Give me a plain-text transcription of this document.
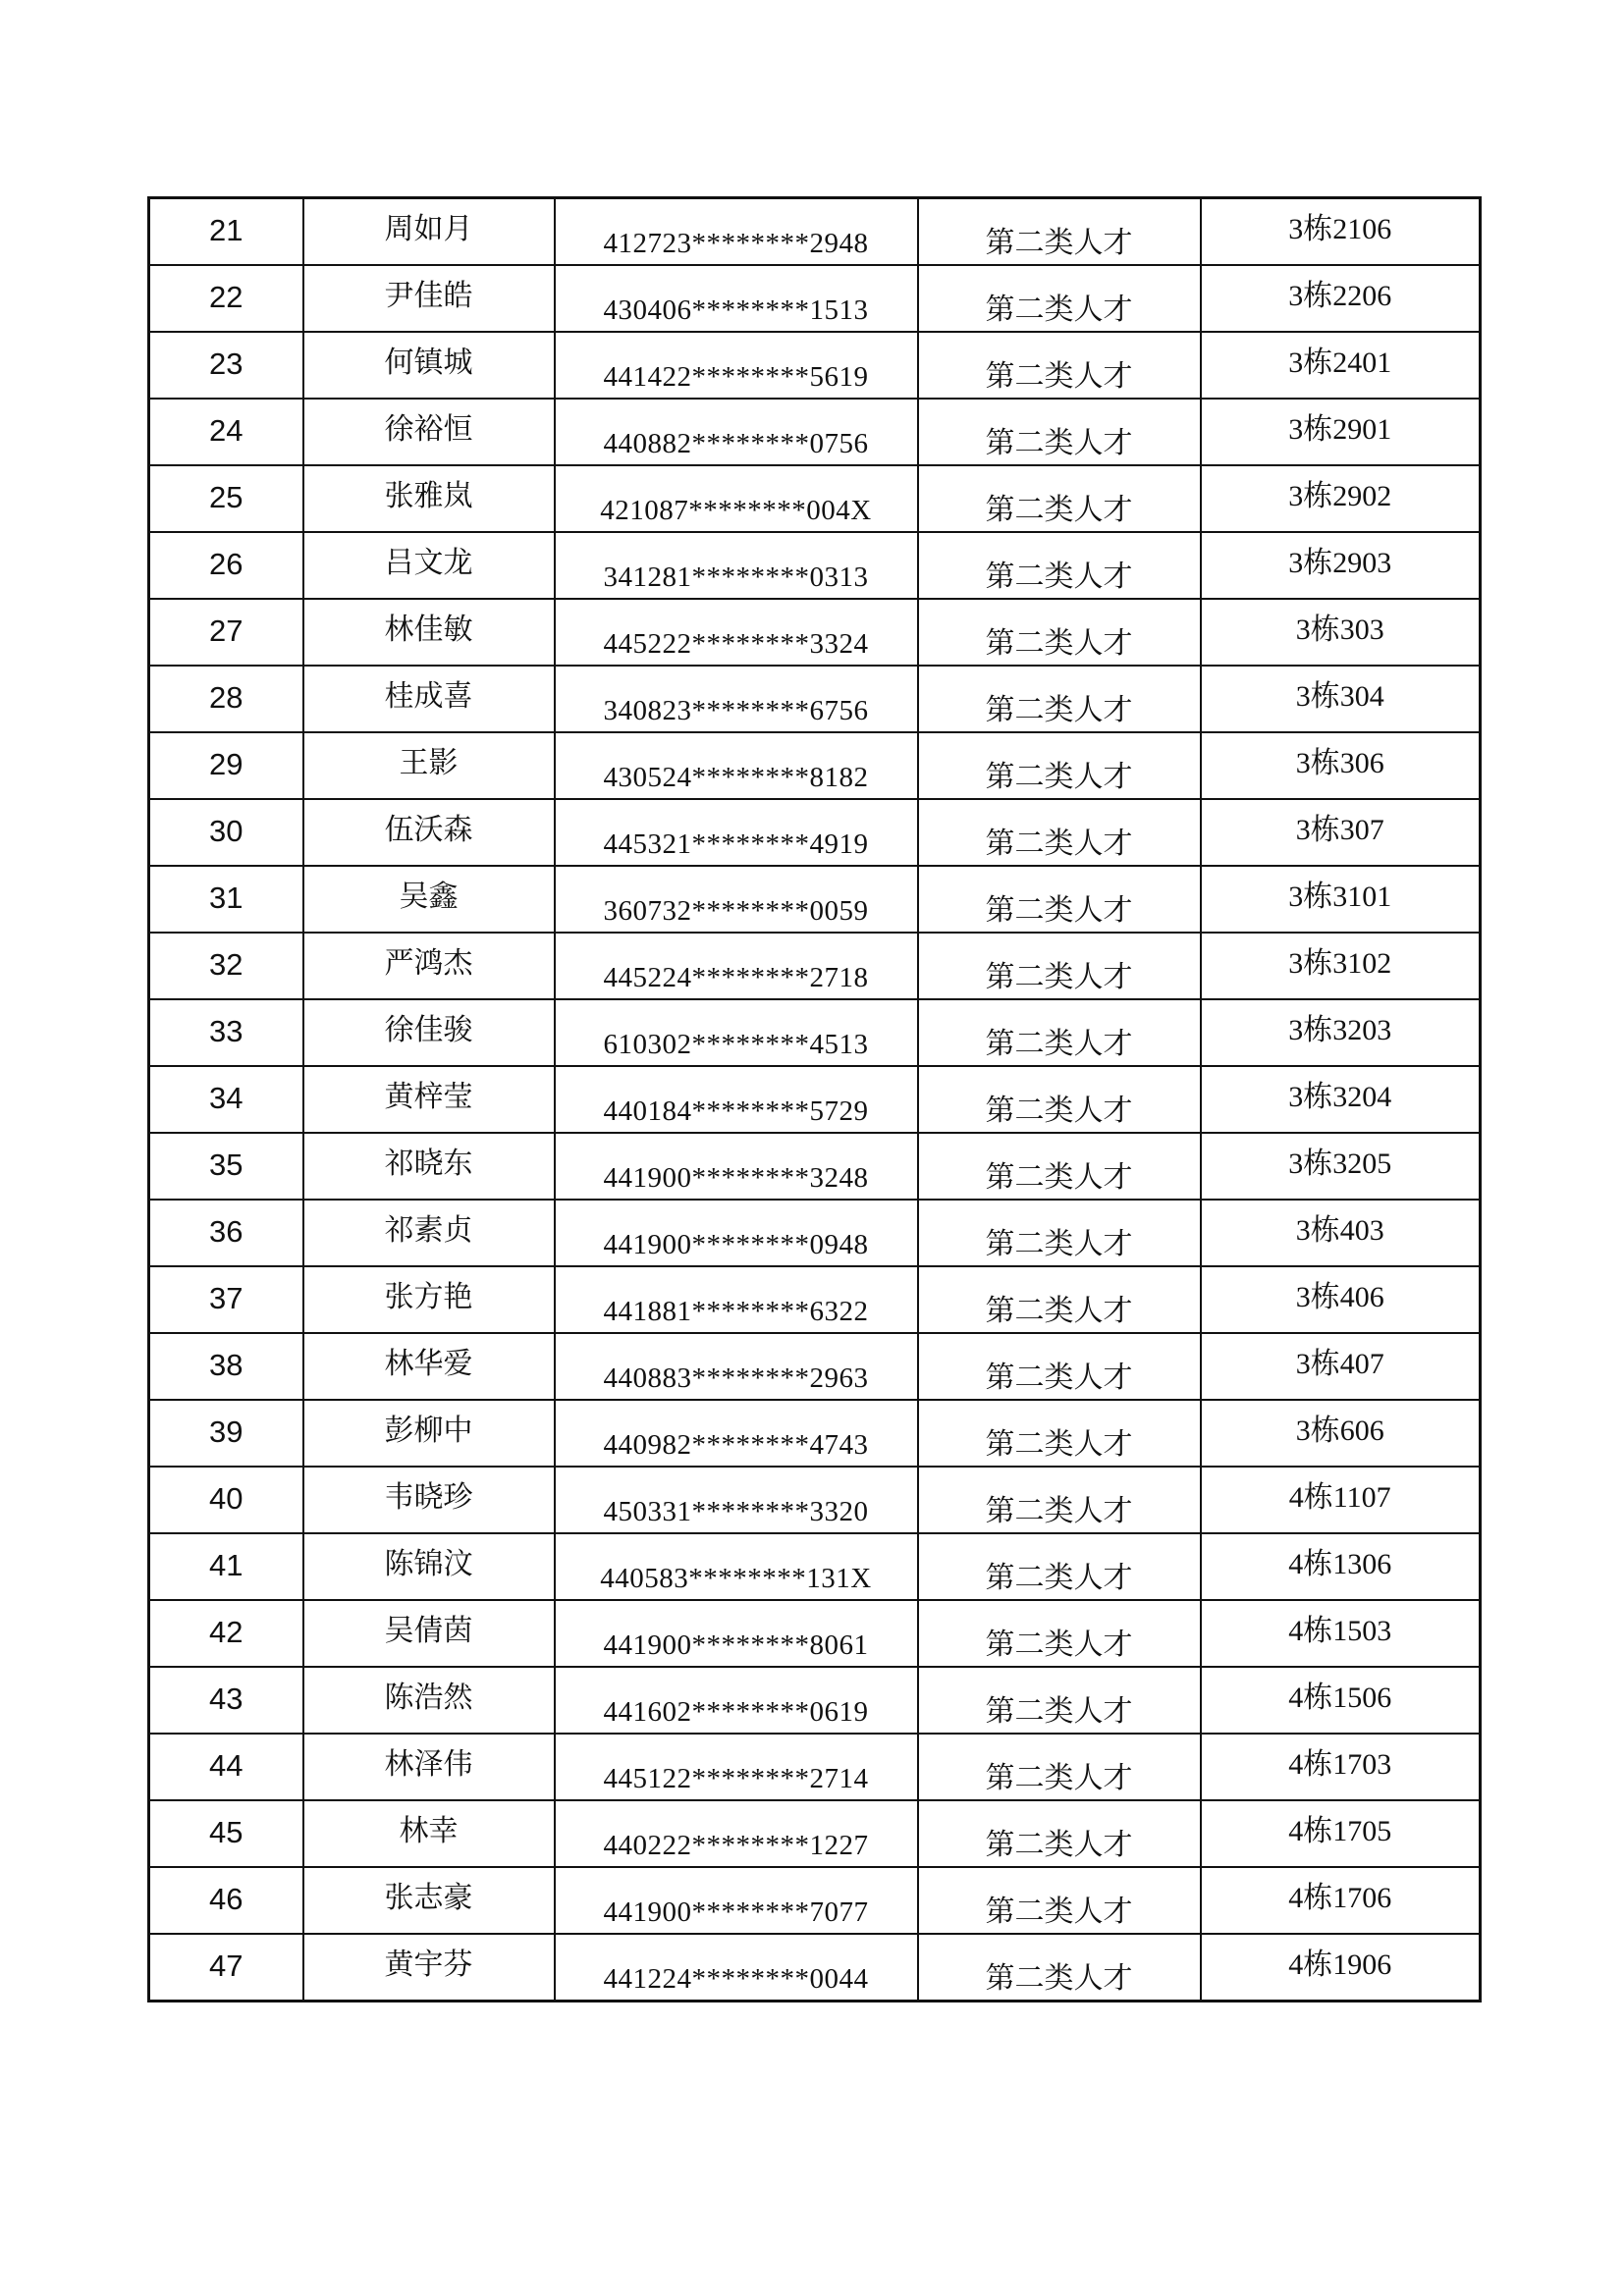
21	周如月	412723********2948	第二类人才	3栋2106
22	尹佳皓	430406********1513	第二类人才	3栋2206
23	何镇城	441422********5619	第二类人才	3栋2401
24	徐裕恒	440882********0756	第二类人才	3栋2901
25	张雅岚	421087********004X	第二类人才	3栋2902
26	吕文龙	341281********0313	第二类人才	3栋2903
27	林佳敏	445222********3324	第二类人才	3栋303
28	桂成喜	340823********6756	第二类人才	3栋304
29	王影	430524********8182	第二类人才	3栋306
30	伍沃森	445321********4919	第二类人才	3栋307
31	吴鑫	360732********0059	第二类人才	3栋3101
32	严鸿杰	445224********2718	第二类人才	3栋3102
33	徐佳骏	610302********4513	第二类人才	3栋3203
34	黄梓莹	440184********5729	第二类人才	3栋3204
35	祁晓东	441900********3248	第二类人才	3栋3205
36	祁素贞	441900********0948	第二类人才	3栋403
37	张方艳	441881********6322	第二类人才	3栋406
38	林华爱	440883********2963	第二类人才	3栋407
39	彭柳中	440982********4743	第二类人才	3栋606
40	韦晓珍	450331********3320	第二类人才	4栋1107
41	陈锦汶	440583********131X	第二类人才	4栋1306
42	吴倩茵	441900********8061	第二类人才	4栋1503
43	陈浩然	441602********0619	第二类人才	4栋1506
44	林泽伟	445122********2714	第二类人才	4栋1703
45	林幸	440222********1227	第二类人才	4栋1705
46	张志豪	441900********7077	第二类人才	4栋1706
47	黄宇芬	441224********0044	第二类人才	4栋1906
